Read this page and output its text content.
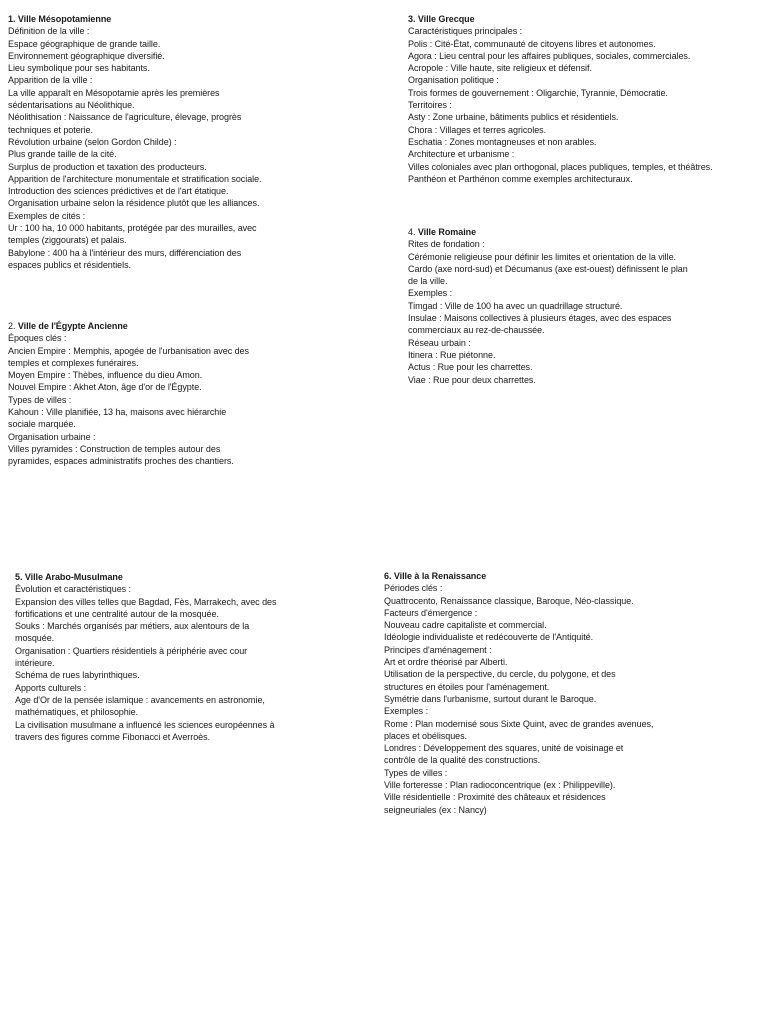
1. Ville Mésopotamienne
Définition de la ville :
Espace géographique de grande taille.
Environnement géographique diversifié.
Lieu symbolique pour ses habitants.
Apparition de la ville :
La ville apparaît en Mésopotamie après les premières
sédentarisations au Néolithique.
Néolithisation : Naissance de l'agriculture, élevage, progrès
techniques et poterie.
Révolution urbaine (selon Gordon Childe) :
Plus grande taille de la cité.
Surplus de production et taxation des producteurs.
Apparition de l'architecture monumentale et stratification sociale.
Introduction des sciences prédictives et de l'art étatique.
Organisation urbaine selon la résidence plutôt que les alliances.
Exemples de cités :
Ur : 100 ha, 10 000 habitants, protégée par des murailles, avec
temples (ziggourats) et palais.
Babylone : 400 ha à l'intérieur des murs, différenciation des
espaces publics et résidentiels.
2. Ville de l'Égypte Ancienne
Époques clés :
Ancien Empire : Memphis, apogée de l'urbanisation avec des
temples et complexes funéraires.
Moyen Empire : Thèbes, influence du dieu Amon.
Nouvel Empire : Akhet Aton, âge d'or de l'Égypte.
Types de villes :
Kahoun : Ville planifiée, 13 ha, maisons avec hiérarchie
sociale marquée.
Organisation urbaine :
Villes pyramides : Construction de temples autour des
pyramides, espaces administratifs proches des chantiers.
3. Ville Grecque
Caractéristiques principales :
Polis : Cité-État, communauté de citoyens libres et autonomes.
Agora : Lieu central pour les affaires publiques, sociales, commerciales.
Acropole : Ville haute, site religieux et défensif.
Organisation politique :
Trois formes de gouvernement : Oligarchie, Tyrannie, Démocratie.
Territoires :
Asty : Zone urbaine, bâtiments publics et résidentiels.
Chora : Villages et terres agricoles.
Eschatia : Zones montagneuses et non arables.
Architecture et urbanisme :
Villes coloniales avec plan orthogonal, places publiques, temples, et théâtres.
Panthéon et Parthénon comme exemples architecturaux.
4. Ville Romaine
Rites de fondation :
Cérémonie religieuse pour définir les limites et orientation de la ville.
Cardo (axe nord-sud) et Décumanus (axe est-ouest) définissent le plan
de la ville.
Exemples :
Timgad : Ville de 100 ha avec un quadrillage structuré.
Insulae : Maisons collectives à plusieurs étages, avec des espaces
commerciaux au rez-de-chaussée.
Réseau urbain :
Itinera : Rue piétonne.
Actus : Rue pour les charrettes.
Viae : Rue pour deux charrettes.
5. Ville Arabo-Musulmane
Évolution et caractéristiques :
Expansion des villes telles que Bagdad, Fès, Marrakech, avec des
fortifications et une centralité autour de la mosquée.
Souks : Marchés organisés par métiers, aux alentours de la
mosquée.
Organisation : Quartiers résidentiels à périphérie avec cour
intérieure.
Schéma de rues labyrinthiques.
Apports culturels :
Age d'Or de la pensée islamique : avancements en astronomie,
mathématiques, et philosophie.
La civilisation musulmane a influencé les sciences européennes à
travers des figures comme Fibonacci et Averroès.
6. Ville à la Renaissance
Périodes clés :
Quattrocento, Renaissance classique, Baroque, Néo-classique.
Facteurs d'émergence :
Nouveau cadre capitaliste et commercial.
Idéologie individualiste et redécouverte de l'Antiquité.
Principes d'aménagement :
Art et ordre théorisé par Alberti.
Utilisation de la perspective, du cercle, du polygone, et des
structures en étoiles pour l'aménagement.
Symétrie dans l'urbanisme, surtout durant le Baroque.
Exemples :
Rome : Plan modernisé sous Sixte Quint, avec de grandes avenues,
places et obélisques.
Londres : Développement des squares, unité de voisinage et
contrôle de la qualité des constructions.
Types de villes :
Ville forteresse : Plan radioconcentrique (ex : Philippeville).
Ville résidentielle : Proximité des châteaux et résidences
seigneuriales (ex : Nancy)
